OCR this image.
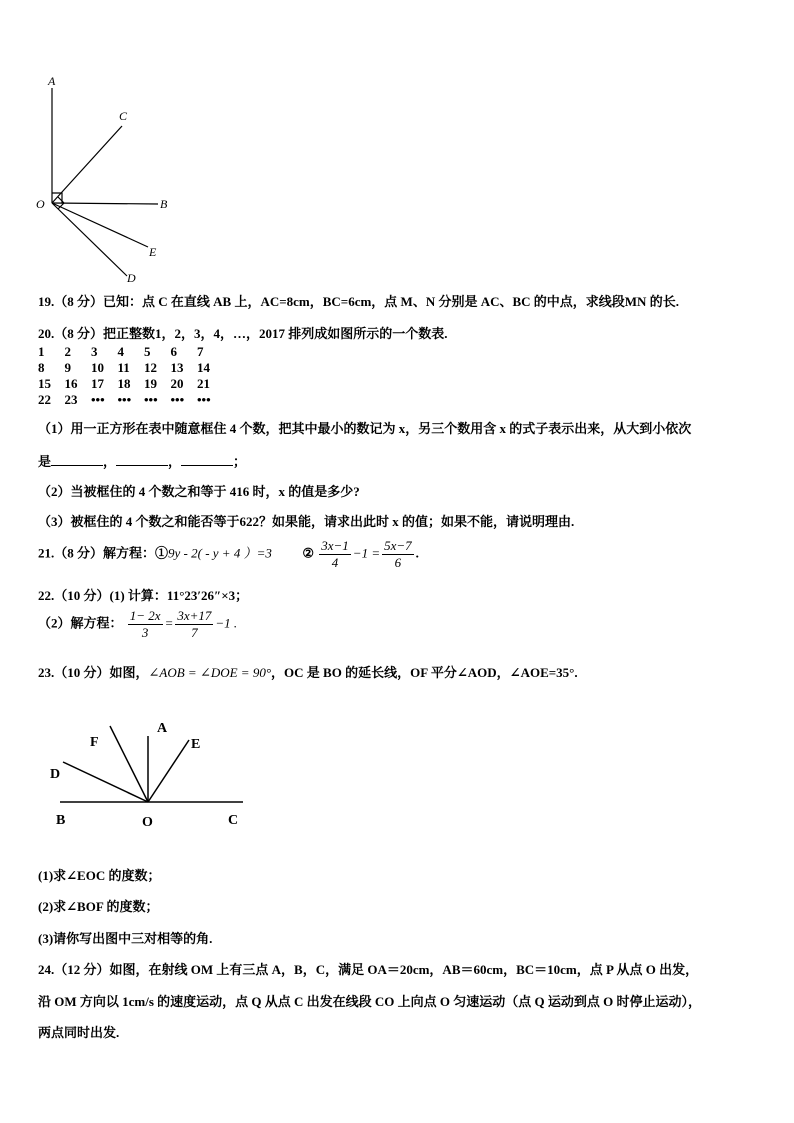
A
C
O	B
E
D
19.（8 分）已知：点 C 在直线 AB 上，AC=8cm，BC=6cm，点 M、N 分别是 AC、BC 的中点，求线段MN 的长.
20.（8 分）把正整数1，2，3，4，…，2017 排列成如图所示的一个数表.
1	2	3	4	5	6	7
8	9	10	11	12	13	14
15	16	17	18	19	20	21
22	23	••• ••• ••• ••• •••
（1）用一正方形在表中随意框住 4 个数，把其中最小的数记为 x，另三个数用含 x 的式子表示出来，从大到小依次
是	，	，	；
（2）当被框住的 4 个数之和等于 416 时，x 的值是多少?
（3）被框住的 4 个数之和能否等于622？如果能，请求出此时 x 的值；如果不能，请说明理由.
21.（8 分）解方程：①9y - 2( - y + 4 ）=3 ② $\frac{3x-1}{4} -1 = \frac{5x-7}{6}$ .
22.（10 分）(1) 计算：11°23′26″×3；
（2）解方程： $\frac{1- 2x}{3} = \frac{3x+17}{7} -1$ .
23.（10 分）如图，∠AOB = ∠DOE = 90°，OC 是 BO 的延长线，OF 平分∠AOD，∠AOE=35°.
F
A
E
D
B	O	C
(1)求∠EOC 的度数；
(2)求∠BOF 的度数；
(3)请你写出图中三对相等的角.
24.（12 分）如图，在射线 OM 上有三点 A，B，C，满足 OA＝20cm，AB＝60cm，BC＝10cm，点 P 从点 O 出发，
沿 OM 方向以 1cm/s 的速度运动，点 Q 从点 C 出发在线段 CO 上向点 O 匀速运动（点 Q 运动到点 O 时停止运动），
两点同时出发.
